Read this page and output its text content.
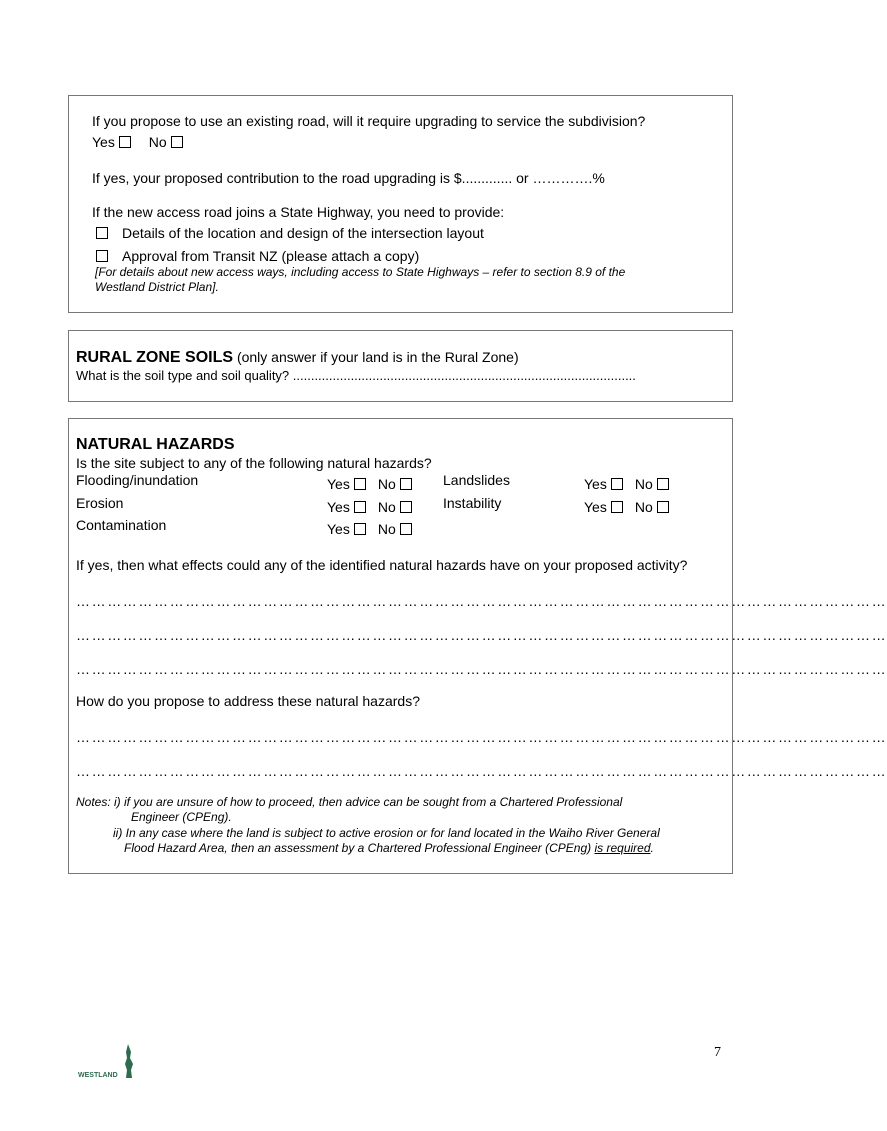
If you propose to use an existing road, will it require upgrading to service the subdivision?
Yes No
If yes, your proposed contribution to the road upgrading is $............. or ………….%
If the new access road joins a State Highway, you need to provide:
Details of the location and design of the intersection layout
Approval from Transit NZ (please attach a copy)
[For details about new access ways, including access to State Highways – refer to section 8.9 of the
Westland District Plan].
RURAL ZONE SOILS (only answer if your land is in the Rural Zone)
What is the soil type and soil quality? ...............................................................................................
NATURAL HAZARDS
Is the site subject to any of the following natural hazards?
Flooding/inundation
Erosion
Contamination
Landslides
Instability
Yes No
Yes No
Yes No
Yes No
Yes No
If yes, then what effects could any of the identified natural hazards have on your proposed activity?
…………………………………………………………………………………………………………………………………………
…………………………………………………………………………………………………………………………………………
…………………………………………………………………………………………………………………………………………
How do you propose to address these natural hazards?
…………………………………………………………………………………………………………………………………………
…………………………………………………………………………………………………………………………………………
Notes: i) if you are unsure of how to proceed, then advice can be sought from a Chartered Professional
Engineer (CPEng).
ii) In any case where the land is subject to active erosion or for land located in the Waiho River General
Flood Hazard Area, then an assessment by a Chartered Professional Engineer (CPEng) is required.
WESTLAND
7
